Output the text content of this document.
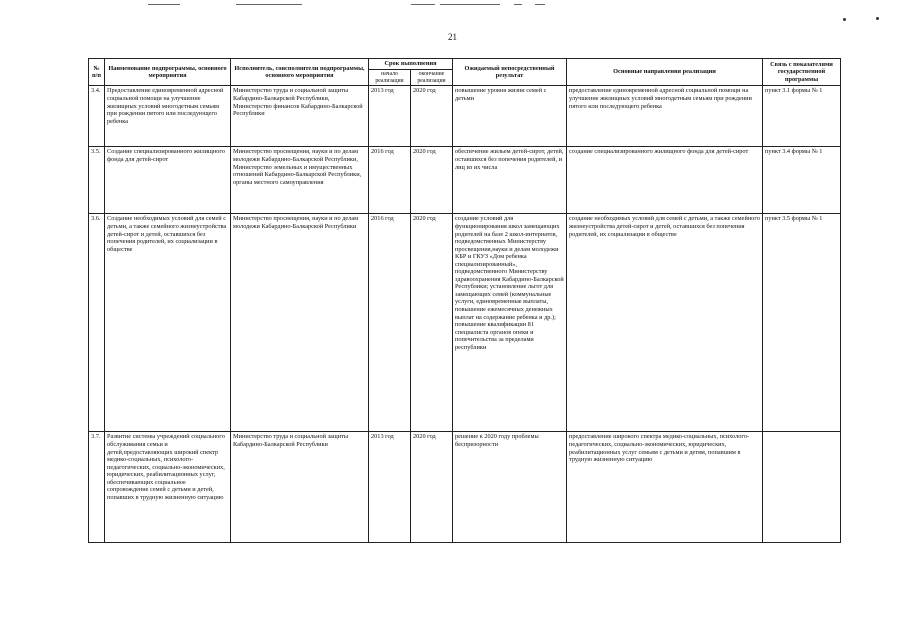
21
№
п/п	Наименование подпрограммы, основного мероприятия	Исполнитель, соисполнители подпрограммы, основного мероприятия	Срок выполнения		Ожидаемый непосредственный результат	Основные направления реализации	Связь с показателями государственной программы
			начало реализации	окончание реализации			
3.4.	Предоставление единовременной адресной социальной помощи на улучшение жилищных условий многодетным семьям при рождении пятого или последующего ребенка	Министерство труда и социальной защиты Кабардино-Балкарской Республики,
Министерство финансов Кабардино-Балкарской Республики	2013 год	2020 год	повышение уровня жизни семей с детьми	предоставление единовременной адресной социальной помощи на улучшение жилищных условий многодетным семьям при рождении пятого или последующего ребенка	пункт 3.1 формы № 1
3.5.	Создание специализированного жилищного фонда для детей-сирот	Министерство просвещения, науки и по делам молодежи Кабардино-Балкарской Республики,
Министерство земельных и имущественных отношений Кабардино-Балкарской Республики, органы местного самоуправления	2016 год	2020 год	обеспечение жильем детей-сирот, детей, оставшихся без попечения родителей, и лиц из их числа	создание специализированного жилищного фонда для детей-сирот	пункт 3.4 формы № 1
3.6.	Создание необходимых условий для семей с детьми, а также семейного жизнеустройства детей-сирот и детей, оставшихся без попечения родителей, их социализации в обществе	Министерство просвещения, науки и по делам молодежи Кабардино-Балкарской Республики	2016 год	2020 год	создание условий для функционирования школ замещающих родителей на базе 2 школ-интернатов, подведомственных Министерству просвещения,науки и делам молодежи КБР и ГКУЗ «Дом ребенка специализированный», подведомственного Министерству здравоохранения Кабардино-Балкарской Республики; установление льгот для замещающих семей (коммунальные услуги, единовременные выплаты, повышение ежемесячных денежных выплат на содержание ребенка и др.); повышение квалификации 81 специалиста органов опеки и попечительства за пределами республики	создание необходимых условий для семей с детьми, а также семейного жизнеустройства детей-сирот и детей, оставшихся без попечения родителей, их социализации в обществе	пункт 3.5 формы № 1
3.7.	Развитие системы учреждений социального обслуживания семьи и детей,предоставляющих широкий спектр медико-социальных, психолого-педагогических, социально-экономических, юридических, реабилитационных услуг, обеспечивающих социальное сопровождение семей с детьми и детей, попавших в трудную жизненную ситуацию	Министерство труда и социальной защиты Кабардино-Балкарской Республики	2013 год	2020 год	решение к 2020 году проблемы беспризорности	предоставление широкого спектра медико-социальных, психолого-педагогических, социально-экономических, юридических, реабилитационных услуг семьям с детьми и детям, попавшим в трудную жизненную ситуацию	
